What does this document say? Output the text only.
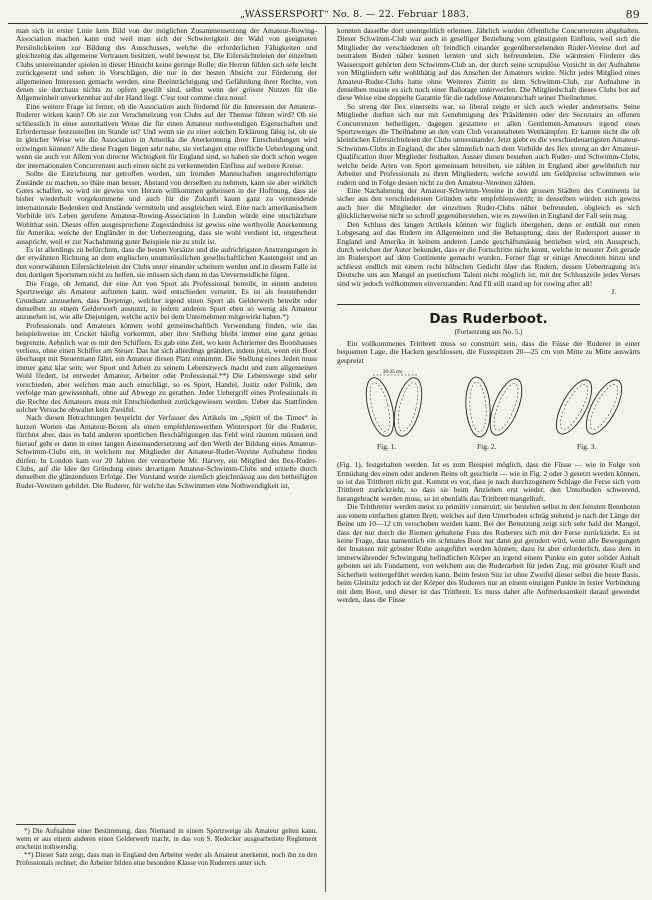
„WASSERSPORT“ No. 8. — 22. Februar 1883.	89

man sich in erster Linie kein Bild von der möglichen Zusammensetzung der Amateur-Rowing-Association machen kann und weil man sich der Schwierigkeit der Wahl von geeigneten Persönlichkeiten zur Bildung des Ausschusses, welche die erforderlichen Fähigkeiten und gleichzeitig das allgemeine Vertrauen besitzen, wohl bewusst ist. Die Eifersüchteleien der einzelnen Clubs untereinander spielen in dieser Hinsicht keine geringe Rolle; die Herren fühlen sich sehr leicht zurückgesetzt und sehen in Vorschlägen, die nur in der besten Absicht zur Förderung der allgemeinen Interessen gemacht werden, eine Beeinträchtigung und Gefährdung ihrer Rechte, von denen sie durchaus nichts zu opfern gewillt sind, selbst wenn der grösste Nutzen für die Allgemeinheit unverkennbar auf der Hand liegt. C'est tout comme chez nous!

Eine weitere Frage ist ferner, ob die Association auch fördernd für die Interessen der Amateur-Ruderer wirken kann? Ob sie zur Verschmelzung von Clubs auf der Themse führen wird? Ob sie schliesslich in einer autoritativen Weise die für einen Amateur nothwendigen Eigenschaften und Erfordernisse festzustellen im Stande ist? Und wenn sie zu einer solchen Erklärung fähig ist, ob sie in gleicher Weise wie die Association in Amerika die Anerkennung ihrer Entscheidungen wird erzwingen können? Alle diese Fragen liegen sehr nahe, sie verlangen eine reifliche Ueberlegung und wenn sie auch vor Allem von directer Wichtigkeit für England sind, so haben sie doch schon wegen der internationalen Concurrenzen auch einen nicht zu verkennenden Einfluss auf weitere Kreise.

Sollte die Einrichtung nur getroffen werden, um fremden Mannschaften ungerechtfertigte Zustände zu machen, so thäte man besser, Abstand von derselben zu nehmen, kann sie aber wirklich Gutes schaffen, so wird sie gewiss von Herzen willkommen geheissen in der Hoffnung, dass sie bisher wiederholt vorgekommene und auch für die Zukunft kaum ganz zu vermeidende internationale Bedenken und Anstände vermitteln und ausgleichen wird. Eine nach amerikanischem Vorbilde in's Leben gerufene Amateur-Rowing-Association in London würde eine unschätzbare Wohlthat sein. Dieses offen ausgesprochene Zugeständniss ist gewiss eine werthvolle Anerkennung für Amerika, welche der Engländer in der Ueberzeugung, dass sie wohl verdient ist, ungescheut ausspricht, weil er zur Nachahmung guter Beispiele nie zu stolz ist.

Es ist allerdings zu befürchten, dass die besten Vorsätze und die aufrichtigsten Anstrengungen in der erwähnten Richtung an dem englischen unumstösslichen gesellschaftlichen Kastengeist und an den vorerwähnten Eifersüchteleien der Clubs unter einander scheitern werden und in diesem Falle ist den dortigen Sportsmen nicht zu helfen, sie müssen sich dann in das Unvermeidliche fügen.

Die Frage, ob Jemand, der eine Art von Sport als Professional betreibt, in einem anderen Sportzweige als Amateur auftreten kann, wird entschieden verneint. Es ist als feststehender Grundsatz anzusehen, dass Derjenige, welcher irgend einen Sport als Gelderwerb betreibt oder denselben zu einem Gelderwerb ausnutzt, in jedem anderen Sport eben so wenig als Amateur anzusehen ist, wie alle Diejenigen, welche activ bei dem Unternehmen mitgewirkt haben.*)

Professionals und Amateurs können wohl gemeinschaftlich Verwendung finden, wie das beispielsweise im Cricket häufig vorkommt, aber ihre Stellung bleibt immer eine ganz genau begrenzte. Aehnlich war es mit den Schiffern. Es gab eine Zeit, wo kein Achtriemer des Bootshauses verliess, ohne einen Schiffer am Steuer. Das hat sich allerdings geändert, indem jetzt, wenn ein Boot überhaupt mit Steuermann fährt, ein Amateur diesen Platz einnimmt. Die Stellung eines Jeden muss immer ganz klar sein; wer Sport und Arbeit zu seinem Lebenszweck macht und zum allgemeinen Wohl fördert, ist entweder Amateur, Arbeiter oder Professional.**) Die Lebenswege sind sehr verschieden, aber welchen man auch einschlägt, so es Sport, Handel, Justiz oder Politik, den verfolge man gewissenhaft, ohne auf Abwege zu gerathen. Jeder Uebergriff eines Professionals in die Rechte des Amateurs muss mit Entschiedenheit zurückgewiesen werden. Ueber das Stattfinden solcher Versuche obwaltet kein Zweifel.

Nach diesen Betrachtungen bespricht der Verfasser des Artikels im „Spirit of the Times“ in kurzen Worten das Amateur-Boxen als einen empfehlenswerthen Wintersport für die Ruderer, fürchtet aber, dass es bald anderen sportlichen Beschäftigungen das Feld wird räumen müssen und hierauf geht er dann in einer langen Auseinandersetzung auf den Werth der Bildung eines Amateur-Schwimm-Clubs ein, in welchem nur Mitglieder der Amateur-Ruder-Vereine Aufnahme finden dürfen. In London kam vor 20 Jahren der verstorbene Mr. Harvey, ein Mitglied des Ilex-Ruder-Clubs, auf die Idee der Gründung eines derartigen Amateur-Schwimm-Clubs und erzielte durch denselben die glänzendsten Erfolge. Der Vorstand wurde ziemlich gleichmässig aus den betheiligten Ruder-Vereinen gebildet. Die Ruderer, für welche das Schwimmen eine Nothwendigkeit ist,

*) Die Aufnahme einer Bestimmung, dass Niemand in einem Sportzweige als Amateur gelten kann, wenn er aus einem anderen einen Gelderwerb macht, in das von S. Redecker ausgearbeitete Reglement erscheint nothwendig.

**) Dieser Satz zeigt, dass man in England den Arbeiter weder als Amateur anerkennt, noch ihn zu den Professionals rechnet; die Arbeiter bilden eine besondere Klasse von Ruderern unter sich.

konnten dasselbe dort unentgeltlich erlernen. Jährlich wurden öffentliche Concurrenzen abgehalten. Dieser Schwimm-Club war auch in geselliger Beziehung vom günstigsten Einfluss, weil sich die Mitglieder der verschiedenen oft feindlich einander gegenüberstehenden Ruder-Vereine dort auf neutralem Boden näher kennen lernten und sich befreundeten. Die wärmsten Förderer des Wassersport gehörten dem Schwimm-Club an, der durch seine scrupulöse Vorsicht in der Aufnahme von Mitgliedern sehr wohlthätig auf das Ansehen der Amateurs wirkte. Nicht jedes Mitglied eines Amateur-Ruder-Clubs hatte ohne Weiteres Zutritt zu dem Schwimm-Club, zur Aufnahme in denselben musste es sich noch einer Ballotage unterwerfen. Die Mitgliedschaft dieses Clubs bot auf diese Weise eine doppelte Garantie für die tadellose Amateurschaft seiner Theilnehmer.

So streng der Ilex einerseits war, so liberal zeigte er sich auch wieder andererseits. Seine Mitglieder durften sich nur mit Genehmigung des Präsidenten oder des Secretairs an offenen Concurrenzen betheiligen, dagegen gestattete er allen Gentlemen-Amateurs irgend eines Sportzweiges die Theilnahme an den vom Club veranstalteten Wettkämpfen. Er kannte nicht die oft kleinlichen Eifersüchteleien der Clubs untereinander. Jetzt giebt es die verschiedenartigsten Amateur-Schwimm-Clubs in England, die aber sämmtlich nach dem Vorbilde des Ilex streng an der Amateur-Qualification ihrer Mitglieder festhalten. Ausser diesen bestehen auch Ruder- und Schwimm-Clubs, welche beide Arten von Sport gemeinsam betreiben, sie zählen in England aber gewöhnlich nur Arbeiter und Professionals zu ihren Mitgliedern, welche sowohl um Geldpreise schwimmen wie rudern und in Folge dessen nicht zu den Amateur-Vereinen zählen.

Eine Nachahmung der Amateur-Schwimm-Vereine in den grossen Städten des Continents ist sicher aus den verschiedensten Gründen sehr empfehlenswerth; in denselben würden sich gewiss auch hier die Mitglieder der einzelnen Ruder-Clubs näher befreunden, obgleich es sich glücklicherweise nicht so schroff gegenüberstehen, wie es zuweilen in England der Fall sein mag.

Den Schluss des langen Artikels können wir füglich übergehen, denn er enthält nur einen Lobgesang auf das Rudern im Allgemeinen und die Behauptung, dass der Rudersport ausser in England und Amerika in keinem anderen Lande geschäftsmässig betrieben wird, ein Ausspruch, durch welchen der Autor bekundet, dass er die Fortschritte nicht kennt, welche in neuster Zeit gerade im Rudersport auf dem Continente gemacht wurden. Ferner fügt er einige Anecdoten hinzu und schliesst endlich mit einem recht hübschen Gedicht über das Rudern, dessen Uebertragung in's Deutsche uns aus Mangel an poetischem Talent nicht möglich ist; mit der Schlusszeile jedes Verses sind wir jedoch vollkommen einverstanden: And I'll still stand up for rowing after all!

J.
Das Ruderboot.
(Fortsetzung aus No. 5.)

Ein vollkommenes Trittbrett muss so construirt sein, dass die Füsse der Ruderer in einer bequemen Lage, die Hacken geschlossen, die Fussspitzen 20—25 cm von Mitte zu Mitte auswärts gespreizt

20-25 cm
Fig. 1.	Fig. 2.	Fig. 3.

(Fig. 1), festgehalten werden. Ist es zum Beispiel möglich, dass die Füsse — wie in Folge von Ermüdung des einen oder anderen Beins oft geschieht — wie in Fig. 2 oder 3 gesetzt werden können, so ist das Trittbrett nicht gut. Kommt es vor, dass je nach durchzogenem Schlage die Ferse sich vom Trittbrett zurückzieht, so dass sie beim Anziehen erst wieder, den Unterboden schwerend, herangebracht werden muss, so ist ebenfalls das Trittbrett mangelhaft.

Die Trittbretter werden meist zu primitiv construirt; sie bestehen selbst in den feinsten Rennboten aus einem einfachen glatten Brett, welches auf dem Unterboden schräg stehend je nach der Länge der Beine um 10—12 cm verschoben werden kann. Bei der Benutzung zeigt sich sehr bald der Mangel, dass der nur durch die Riemen gehaltene Fuss des Ruderers sich mit der Ferse zurückzieht. Es ist keine Frage, dass namentlich ein schmales Boot nur dann gut gerudert wird, wenn alle Bewegungen der Insassen mit grösster Ruhe ausgeführt werden können; dazu ist aber erforderlich, dass dem in immerwährender Schwingung befindlichen Körper an irgend einem Punkte ein guter solider Anhalt geboten sei als Fundament, von welchem aus die Ruderarbeit für jeden Zug, mit grösster Kraft und Sicherheit weitergeführt werden kann. Beim festen Sitz ist ohne Zweifel dieser selbst die beste Basis, beim Gleitsitz jedoch ist der Körper des Ruderers nur an einem einzigen Punkte in fester Verbindung mit dem Boot, und dieser ist das Trittbrett. Es muss daher alle Aufmerksamkeit darauf gewendet werden, dass die Füsse
